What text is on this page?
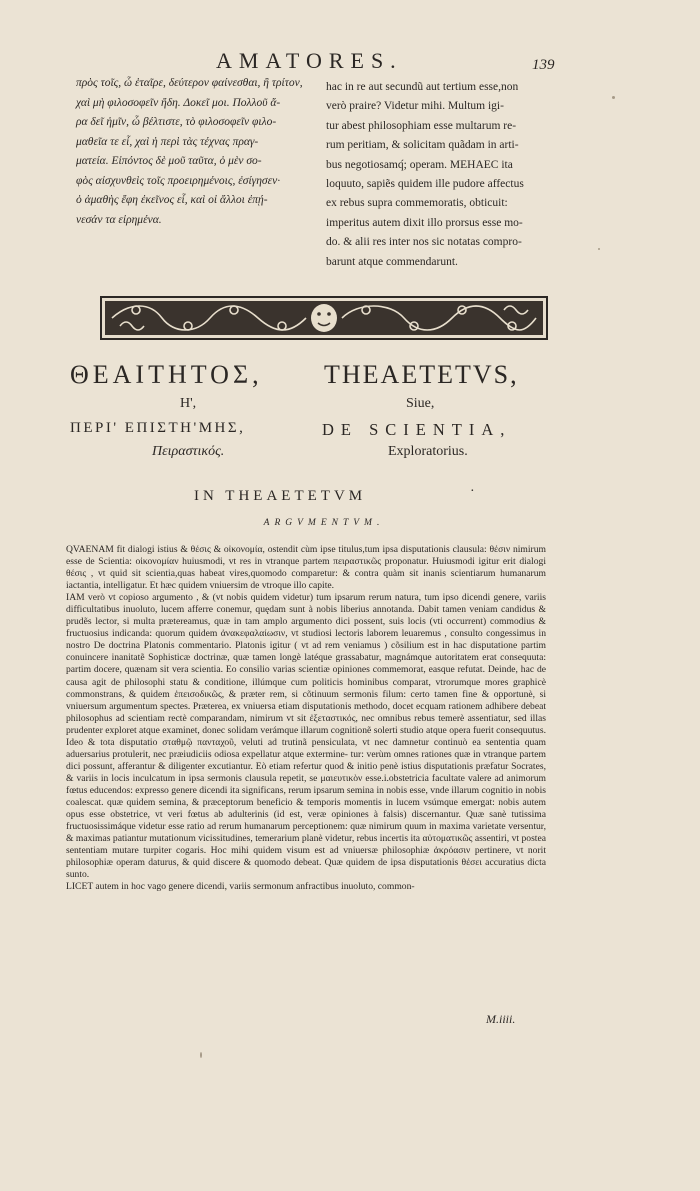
AMATORES.	139
πρὸς τοῖς, ὦ ἑταῖρε, δεύτερον φαίνεσθαι, ἢ τρίτον,
χαὶ μὴ φιλοσοφεῖν ἤδη. Δοκεῖ μοι. Πολλοῦ ἄ-
ρα δεῖ ἡμῖν, ὦ βέλτιστε, τὸ φιλοσοφεῖν φιλο-
μαθεῖα τε εἶ, χαὶ ἡ περὶ τὰς τέχνας πραγ-
ματεία. Εἰπόντος δὲ μοῦ ταῦτα, ὁ μὲν σο-
φὸς αἰσχυνθεὶς τοῖς προειρημένοις, ἐσίγησεν·
ὁ ἀμαθὴς ἔφη ἐκεῖνος εἶ, καὶ οἱ ἄλλοι ἐπῄ-
νεσάν τα εἰρημένα.
hac in re aut secundũ aut tertium esse,non
verò praire? Videtur mihi. Multum igi-
tur abest philosophiam esse multarum re-
rum peritiam, & solicitam quãdam in arti-
bus negotiosamq́; operam. MEHAEC ita
loquuto, sapiẽs quidem ille pudore affectus
ex rebus supra commemoratis, obticuit:
imperitus autem dixit illo prorsus esse mo-
do. & alii res inter nos sic notatas compro-
barunt atque commendarunt.
ΘΕΑΙΤΗΤΟΣ, THEAETETVS,
Η',	Siue,
ΠΕΡΙ' ΕΠΙΣΤΗ'ΜΗΣ,	DE SCIENTIA,
Πειραστικός.	Exploratorius.
IN THEAETETVM	·
ARGVMENTVM.

QVAENAM fit dialogi istius & θέσις & οἰκονομία, ostendit cùm ipse titulus,tum ipsa disputationis clausula: θέσιν nimirum esse de Scientia: οἰκονομίαν huiusmodi, vt res in vtranque partem πειραστικῶς proponatur. Huiusmodi igitur erit dialogi θέσις , vt quid sit scientia,quas habeat vires,quomodo comparetur: & contra quàm sit inanis scientiarum humanarum iactantia, intelligatur. Et hæc quidem vniuersim de vtroque illo capite.

IAM verò vt copioso argumento , & (vt nobis quidem videtur) tum ipsarum rerum natura, tum ipso dicendi genere, variis difficultatibus inuoluto, lucem afferre conemur, quędam sunt à nobis liberius annotanda. Dabit tamen veniam candidus & prudẽs lector, si multa prætereamus, quæ in tam amplo argumento dici possent, suis locis (vti occurrent) commodius & fructuosius indicanda: quorum quidem ἀνακεφαλαίωσιν, vt studiosi lectoris laborem leuaremus , consulto congessimus in nostro De doctrina Platonis commentario. Platonis igitur ( vt ad rem veniamus ) cõsilium est in hac disputatione partim conuincere inanitatẽ Sophisticæ doctrinæ, quæ tamen longè latéque grassabatur, magnámque autoritatem erat consequuta: partim docere, quænam sit vera scientia. Eo consilio varias scientiæ opiniones commemorat, easque refutat. Deinde, hac de causa agit de philosophi statu & conditione, illúmque cum politicis hominibus comparat, vtrorumque mores graphicè commonstrans, & quidem ἐπεισοδικῶς, & præter rem, si cõtinuum sermonis filum: certo tamen fine & opportunè, si vniuersum argumentum spectes. Præterea, ex vniuersa etiam disputationis methodo, docet ecquam rationem adhibere debeat philosophus ad scientiam rectè comparandam, nimirum vt sit ἐξεταστικός, nec omnibus rebus temerè assentiatur, sed illas prudenter exploret atque examinet, donec solidam verámque illarum cognitionẽ solerti studio atque opera fuerit consequutus. Ideo & tota disputatio σταθμῷ πανταχοῦ, veluti ad trutinã pensiculata, vt nec damnetur continuò ea sententia quam aduersarius protulerit, nec præiudiciis odiosa expellatur atque extermine- tur: verùm omnes rationes quæ in vtranque partem dici possunt, afferantur & diligenter excutiantur. Eò etiam refertur quod & initio penè istius disputationis præfatur Socrates, & variis in locis inculcatum in ipsa sermonis clausula repetit, se μαιευτικὸν esse.i.obstetricia facultate valere ad animorum fœtus educendos: expresso genere dicendi ita significans, rerum ipsarum semina in nobis esse, vnde illarum cognitio in nobis coalescat. quæ quidem semina, & præceptorum beneficio & temporis momentis in lucem vsúmque emergat: nobis autem opus esse obstetrice, vt veri fœtus ab adulterinis (id est, veræ opiniones à falsis) discernantur. Quæ sanè tutissima fructuosissimáque videtur esse ratio ad rerum humanarum perceptionem: quæ nimirum quum in maxima varietate versentur, & maximas patiantur mutationum vicissitudines, temerarium planè videtur, rebus incertis ita αὐτοματικῶς assentiri, vt postea sententiam mutare turpiter cogaris. Hoc mihi quidem visum est ad vniuersæ philosophiæ ἀκρόασιν pertinere, vt norit philosophiæ operam daturus, & quid discere & quomodo debeat. Quæ quidem de ipsa disputationis θέσει accuratius dicta sunto.

LICET autem in hoc vago genere dicendi, variis sermonum anfractibus inuoluto, common-

M.iiii.
